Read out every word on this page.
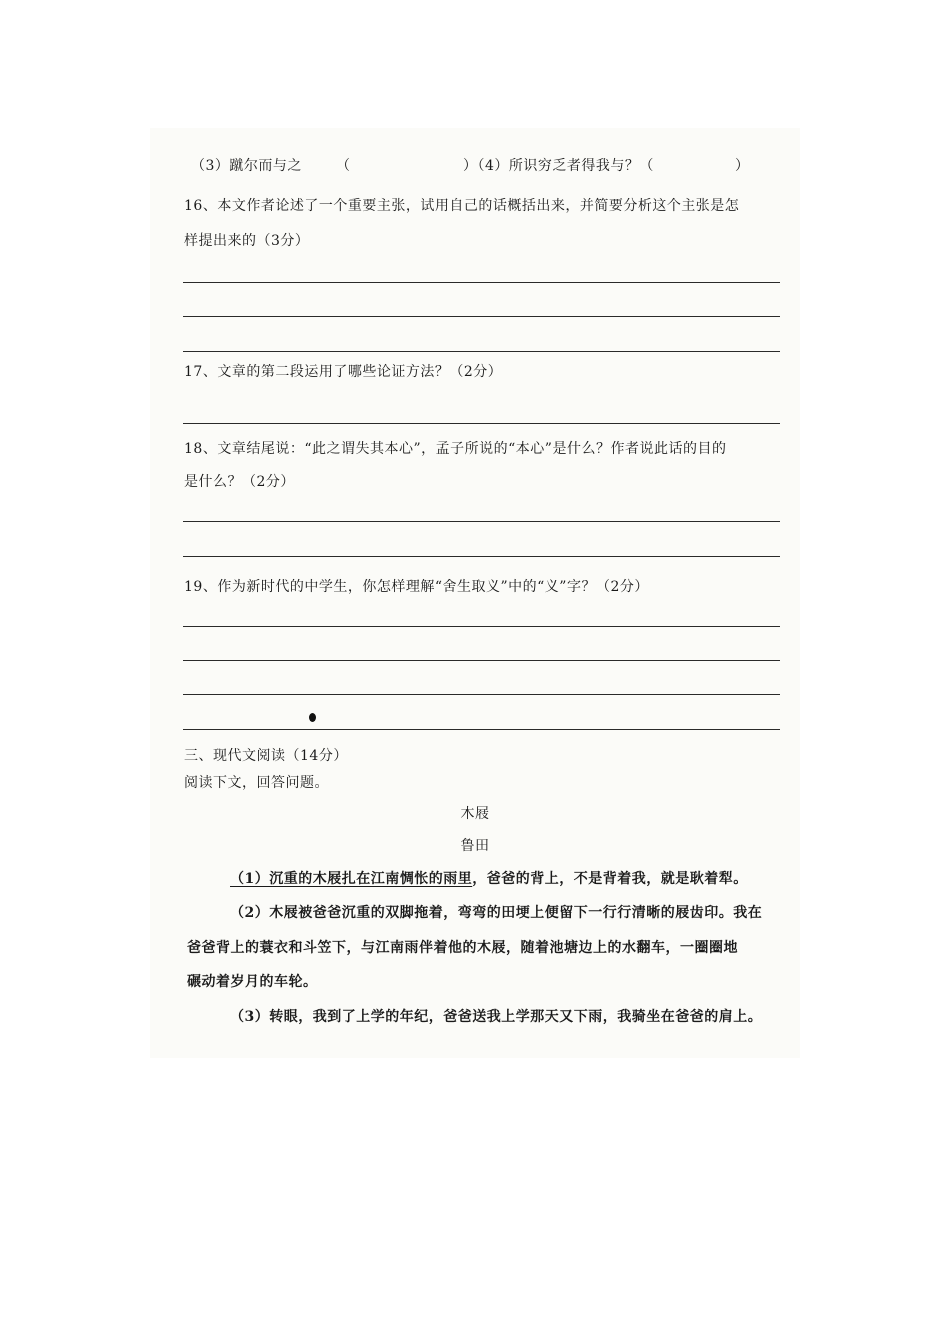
（3）蹴尔而与之 （	）（4）所识穷乏者得我与？（	）
16、本文作者论述了一个重要主张，试用自己的话概括出来，并简要分析这个主张是怎
样提出来的（3分）
17、文章的第二段运用了哪些论证方法？（2分）
18、文章结尾说：“此之谓失其本心”，孟子所说的“本心”是什么？作者说此话的目的
是什么？（2分）
19、作为新时代的中学生，你怎样理解“舍生取义”中的“义”字？（2分）
三、现代文阅读（14分）
阅读下文，回答问题。
木屐
鲁田
（1）沉重的木屐扎在江南惆怅的雨里，爸爸的背上，不是背着我，就是耿着犁。
（2）木屐被爸爸沉重的双脚拖着，弯弯的田埂上便留下一行行清晰的屐齿印。我在
爸爸背上的蓑衣和斗笠下，与江南雨伴着他的木屐，随着池塘边上的水翻车，一圈圈地
碾动着岁月的车轮。
（3）转眼，我到了上学的年纪，爸爸送我上学那天又下雨，我骑坐在爸爸的肩上。
